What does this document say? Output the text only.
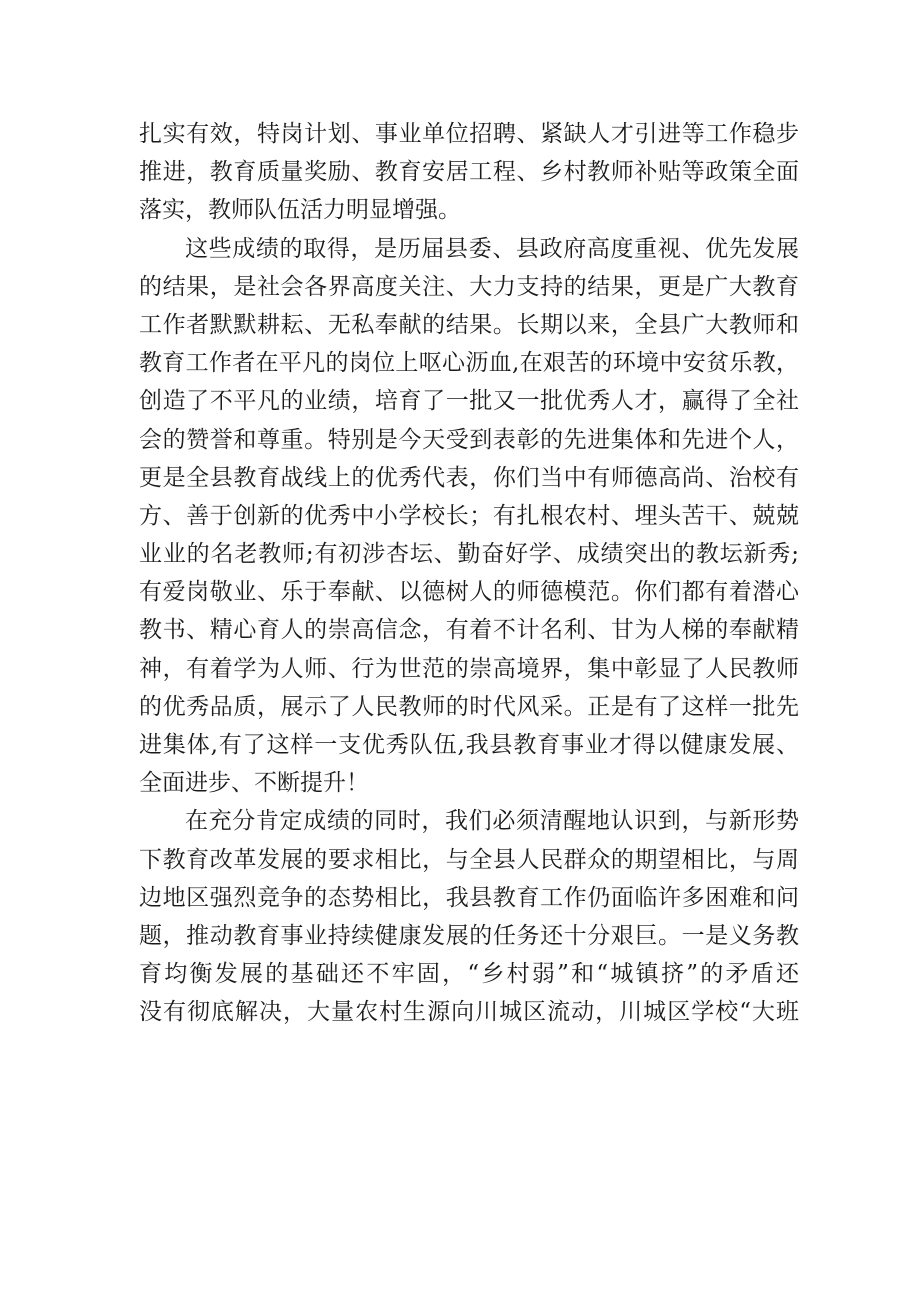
扎实有效，特岗计划、事业单位招聘、紧缺人才引进等工作稳步
推进，教育质量奖励、教育安居工程、乡村教师补贴等政策全面
落实，教师队伍活力明显增强。
这些成绩的取得，是历届县委、县政府高度重视、优先发展
的结果，是社会各界高度关注、大力支持的结果，更是广大教育
工作者默默耕耘、无私奉献的结果。长期以来，全县广大教师和
教育工作者在平凡的岗位上呕心沥血,在艰苦的环境中安贫乐教，
创造了不平凡的业绩，培育了一批又一批优秀人才，赢得了全社
会的赞誉和尊重。特别是今天受到表彰的先进集体和先进个人，
更是全县教育战线上的优秀代表，你们当中有师德高尚、治校有
方、善于创新的优秀中小学校长；有扎根农村、埋头苦干、兢兢
业业的名老教师;有初涉杏坛、勤奋好学、成绩突出的教坛新秀;
有爱岗敬业、乐于奉献、以德树人的师德模范。你们都有着潜心
教书、精心育人的崇高信念，有着不计名利、甘为人梯的奉献精
神，有着学为人师、行为世范的崇高境界，集中彰显了人民教师
的优秀品质，展示了人民教师的时代风采。正是有了这样一批先
进集体,有了这样一支优秀队伍,我县教育事业才得以健康发展、
全面进步、不断提升！
在充分肯定成绩的同时，我们必须清醒地认识到，与新形势
下教育改革发展的要求相比，与全县人民群众的期望相比，与周
边地区强烈竞争的态势相比，我县教育工作仍面临许多困难和问
题，推动教育事业持续健康发展的任务还十分艰巨。一是义务教
育均衡发展的基础还不牢固，“乡村弱”和“城镇挤”的矛盾还
没有彻底解决，大量农村生源向川城区流动，川城区学校“大班
